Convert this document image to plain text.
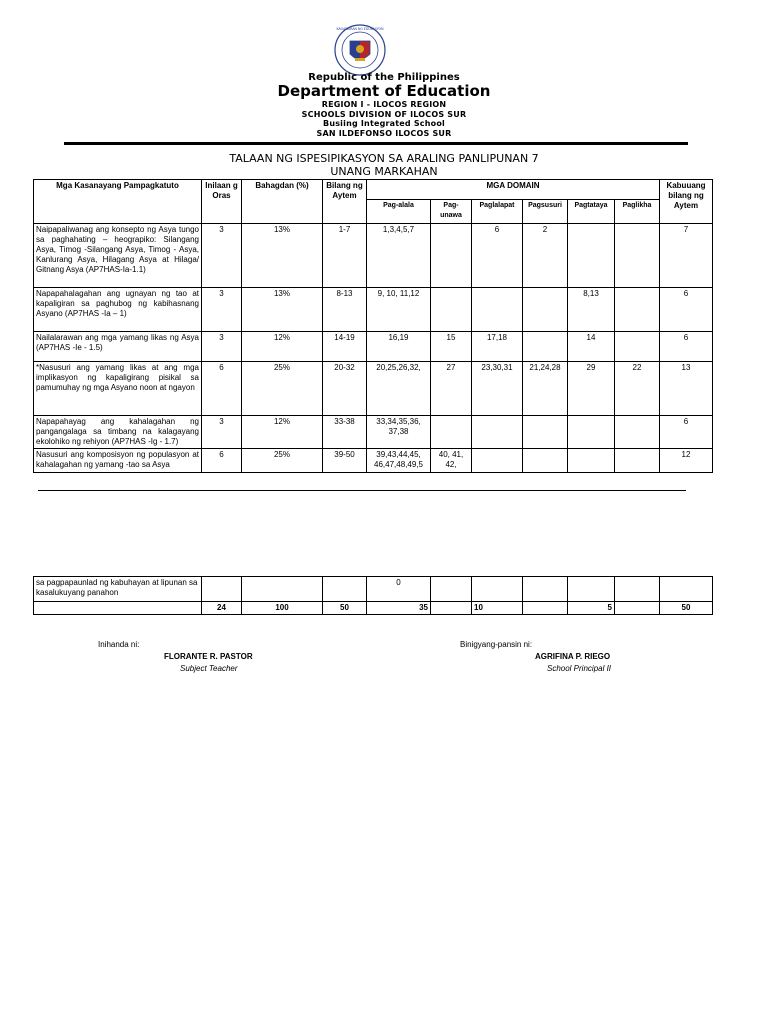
KAGAWARAN NG EDUKASYON
Republic of the Philippines
Department of Education
REGION I - ILOCOS REGION
SCHOOLS DIVISION OF ILOCOS SUR
Busiing Integrated School
SAN ILDEFONSO ILOCOS SUR
TALAAN NG ISPESIPIKASYON SA ARALING PANLIPUNAN 7
UNANG MARKAHAN
Mga Kasanayang Pampagkatuto	Inilaan g Oras	Bahagdan (%)	Bilang ng Aytem	MGA DOMAIN						Kabuuang bilang ng Aytem
				Pag-alala	Pag-unawa	Paglalapat	Pagsusuri	Pagtataya	Paglikha	
Naipapaliwanag ang konsepto ng Asya tungo sa paghahating – heograpiko: Silangang Asya, Timog -Silangang Asya, Timog - Asya, Kanlurang Asya, Hilagang Asya at Hilaga/ Gitnang Asya (AP7HAS-Ia-1.1)	3	13%	1-7	1,3,4,5,7		6	2			7
Napapahalagahan ang ugnayan ng tao at kapaligiran sa paghubog ng kabihasnang Asyano (AP7HAS -Ia – 1)	3	13%	8-13	9, 10, 11,12				8,13		6
Nailalarawan ang mga yamang likas ng Asya (AP7HAS -Ie - 1.5)	3	12%	14-19	16,19	15	17,18		14		6
*Nasusuri ang yamang likas at ang mga implikasyon ng kapaligirang pisikal sa pamumuhay ng mga Asyano noon at ngayon	6	25%	20-32	20,25,26,32,	27	23,30,31	21,24,28	29	22	13
Napapahayag ang kahalagahan ng pangangalaga sa timbang na kalagayang ekolohiko ng rehiyon (AP7HAS -Ig - 1.7)	3	12%	33-38	33,34,35,36, 37,38						6
Nasusuri ang komposisyon ng populasyon at kahalagahan ng yamang -tao sa Asya	6	25%	39-50	39,43,44,45, 46,47,48,49,5	40, 41, 42,					12
sa pagpapaunlad ng kabuhayan at lipunan sa kasalukuyang panahon				0						
	24	100	50	35		10		5		50
Inihanda ni:
FLORANTE R. PASTOR
Subject Teacher
Binigyang-pansin ni:
AGRIFINA P. RIEGO
School Principal II
